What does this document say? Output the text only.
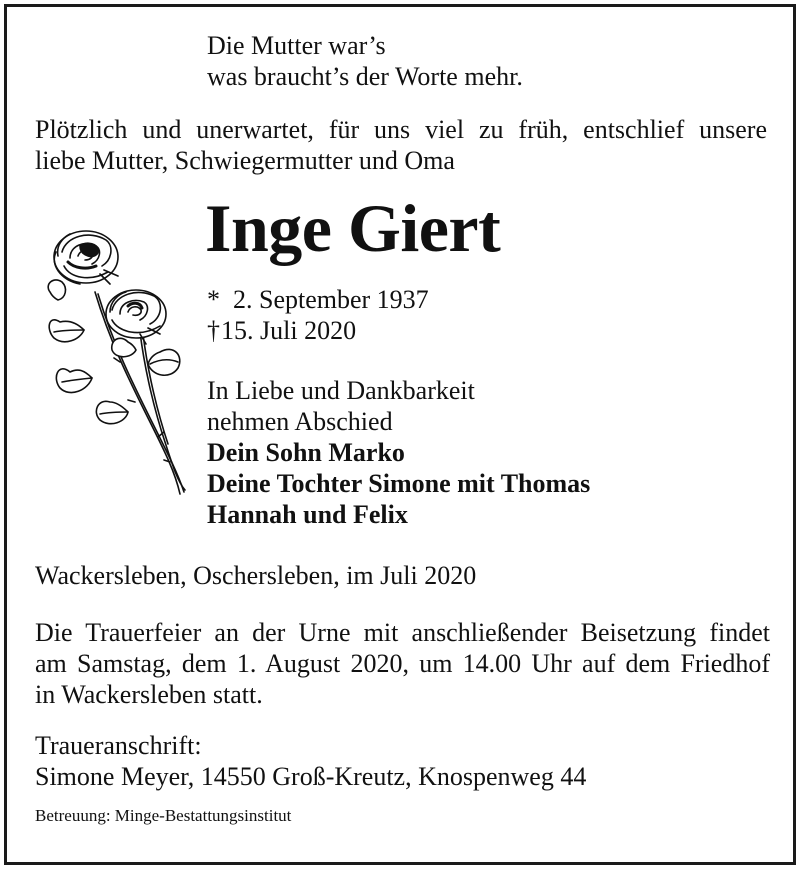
Die Mutter war’s
was braucht’s der Worte mehr.
Plötzlich und unerwartet, für uns viel zu früh, entschlief unsere
liebe Mutter, Schwiegermutter und Oma
Inge Giert
* 2. September 1937
†15. Juli 2020
In Liebe und Dankbarkeit
nehmen Abschied
Dein Sohn Marko
Deine Tochter Simone mit Thomas
Hannah und Felix
Wackersleben, Oschersleben, im Juli 2020
Die Trauerfeier an der Urne mit anschließender Beisetzung findet
am Samstag, dem 1. August 2020, um 14.00 Uhr auf dem Friedhof
in Wackersleben statt.
Traueranschrift:
Simone Meyer, 14550 Groß-Kreutz, Knospenweg 44
Betreuung: Minge-Bestattungsinstitut
